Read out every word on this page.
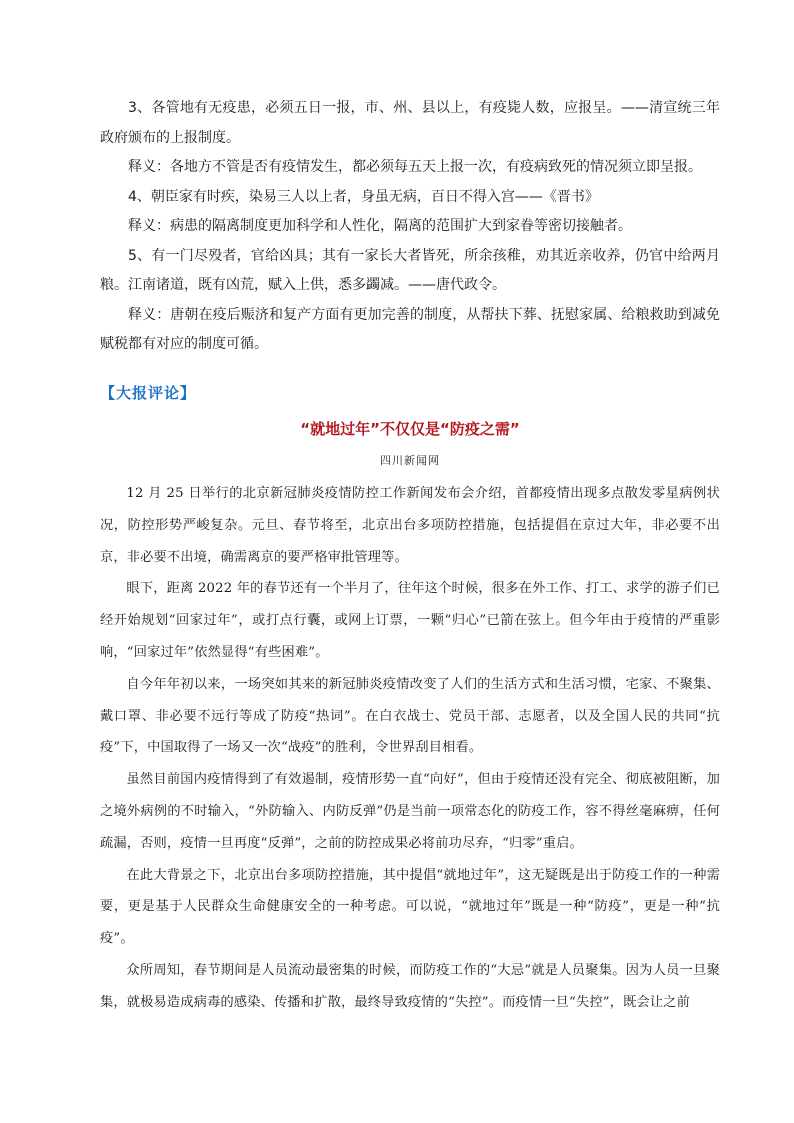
3、各管地有无疫患，必须五日一报，市、州、县以上，有疫毙人数，应报呈。——清宣统三年政府颁布的上报制度。

释义：各地方不管是否有疫情发生，都必须每五天上报一次，有疫病致死的情况须立即呈报。

4、朝臣家有时疾，染易三人以上者，身虽无病，百日不得入宫——《晋书》

释义：病患的隔离制度更加科学和人性化，隔离的范围扩大到家眷等密切接触者。

5、有一门尽殁者，官给凶具；其有一家长大者皆死，所余孩稚，劝其近亲收养，仍官中给两月粮。江南诸道，既有凶荒，赋入上供，悉多蠲减。——唐代政令。

释义：唐朝在疫后赈济和复产方面有更加完善的制度，从帮扶下葬、抚慰家属、给粮救助到减免赋税都有对应的制度可循。

【大报评论】
“就地过年”不仅仅是“防疫之需”
四川新闻网

12 月 25 日举行的北京新冠肺炎疫情防控工作新闻发布会介绍，首都疫情出现多点散发零星病例状况，防控形势严峻复杂。元旦、春节将至，北京出台多项防控措施，包括提倡在京过大年，非必要不出京，非必要不出境，确需离京的要严格审批管理等。

眼下，距离 2022 年的春节还有一个半月了，往年这个时候，很多在外工作、打工、求学的游子们已经开始规划“回家过年”，或打点行囊，或网上订票，一颗“归心”已箭在弦上。但今年由于疫情的严重影响，“回家过年”依然显得“有些困难”。

自今年年初以来，一场突如其来的新冠肺炎疫情改变了人们的生活方式和生活习惯，宅家、不聚集、戴口罩、非必要不远行等成了防疫“热词”。在白衣战士、党员干部、志愿者，以及全国人民的共同“抗疫”下，中国取得了一场又一次“战疫”的胜利，令世界刮目相看。

虽然目前国内疫情得到了有效遏制，疫情形势一直“向好”，但由于疫情还没有完全、彻底被阻断，加之境外病例的不时输入，“外防输入、内防反弹”仍是当前一项常态化的防疫工作，容不得丝毫麻痹，任何疏漏，否则，疫情一旦再度“反弹”，之前的防控成果必将前功尽弃，“归零”重启。

在此大背景之下，北京出台多项防控措施，其中提倡“就地过年”，这无疑既是出于防疫工作的一种需要，更是基于人民群众生命健康安全的一种考虑。可以说，“就地过年”既是一种“防疫”，更是一种“抗疫”。

众所周知，春节期间是人员流动最密集的时候，而防疫工作的“大忌”就是人员聚集。因为人员一旦聚集，就极易造成病毒的感染、传播和扩散，最终导致疫情的“失控”。而疫情一旦“失控”，既会让之前
